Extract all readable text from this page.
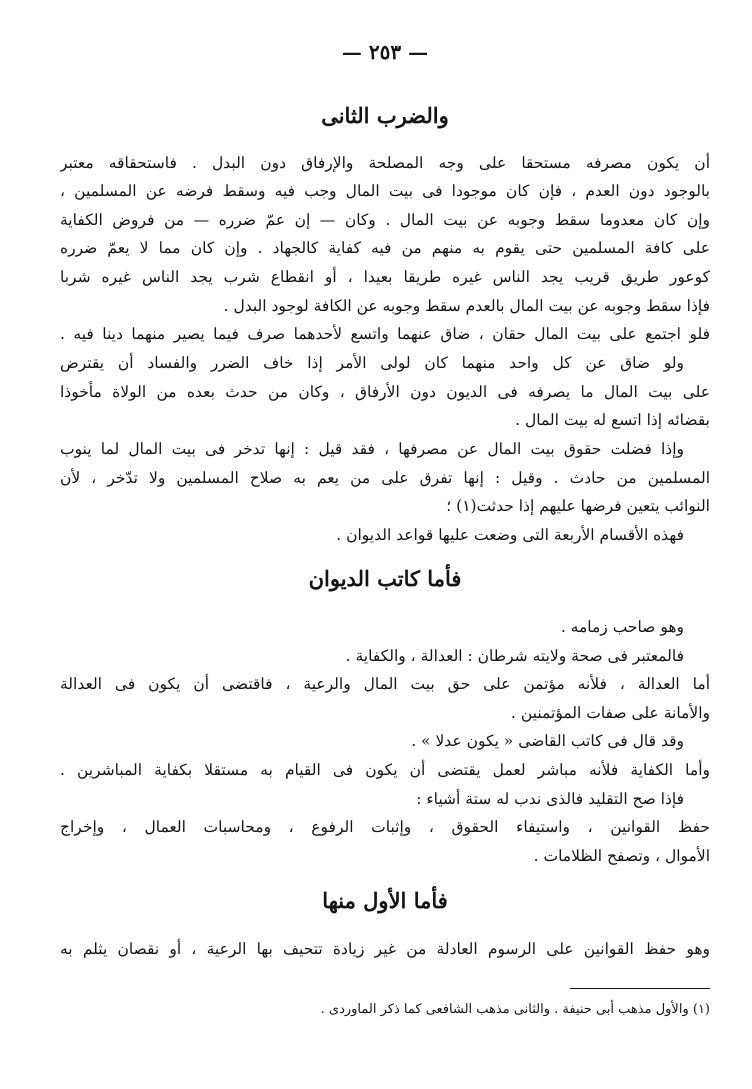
— ٢٥٣ —
والضرب الثانى
أن يكون مصرفه مستحقا على وجه المصلحة والإرفاق دون البدل . فاستحقاقه معتبر
بالوجود دون العدم ، فإن كان موجودا فى بيت المال وجب فيه وسقط فرضه عن المسلمين ،
وإن كان معدوما سقط وجوبه عن بيت المال . وكان — إن عمّ ضرره — من فروض الكفاية
على كافة المسلمين حتى يقوم به منهم من فيه كفاية كالجهاد . وإن كان مما لا يعمّ ضرره
كوعور طريق قريب يجد الناس غيره طريقا بعيدا ، أو انقطاع شرب يجد الناس غيره شربا
فإذا سقط وجوبه عن بيت المال بالعدم سقط وجوبه عن الكافة لوجود البدل .
فلو اجتمع على بيت المال حقان ، ضاق عنهما واتسع لأحدهما صرف فيما يصير منهما دينا فيه .
ولو ضاق عن كل واحد منهما كان لولى الأمر إذا خاف الضرر والفساد أن يقترض
على بيت المال ما يصرفه فى الديون دون الأرفاق ، وكان من حدث بعده من الولاة مأخوذا
بقضائه إذا اتسع له بيت المال .
وإذا فضلت حقوق بيت المال عن مصرفها ، فقد قيل : إنها تدخر فى بيت المال لما ينوب
المسلمين من حادث . وقيل : إنها تفرق على من يعم به صلاح المسلمين ولا تدّخر ، لأن
النوائب يتعين فرضها عليهم إذا حدثت(١) ؛
فهذه الأقسام الأربعة التى وضعت عليها قواعد الديوان .
فأما كاتب الديوان
وهو صاحب زمامه .
فالمعتبر فى صحة ولايته شرطان : العدالة ، والكفاية .
أما العدالة ، فلأنه مؤتمن على حق بيت المال والرعية ، فاقتضى أن يكون فى العدالة
والأمانة على صفات المؤتمنين .
وقد قال فى كاتب القاضى « يكون عدلا » .
وأما الكفاية فلأنه مباشر لعمل يقتضى أن يكون فى القيام به مستقلا بكفاية المباشرين .
فإذا صح التقليد فالذى ندب له ستة أشياء :
حفظ القوانين ، واستيفاء الحقوق ، وإثبات الرفوع ، ومحاسبات العمال ، وإخراج
الأموال ، وتصفح الظلامات .
فأما الأول منها
وهو حفظ القوانين على الرسوم العادلة من غير زيادة تتحيف بها الرعية ، أو نقصان يثلم به
(١) والأول مذهب أبى حنيفة . والثانى مذهب الشافعى كما ذكر الماوردى .
